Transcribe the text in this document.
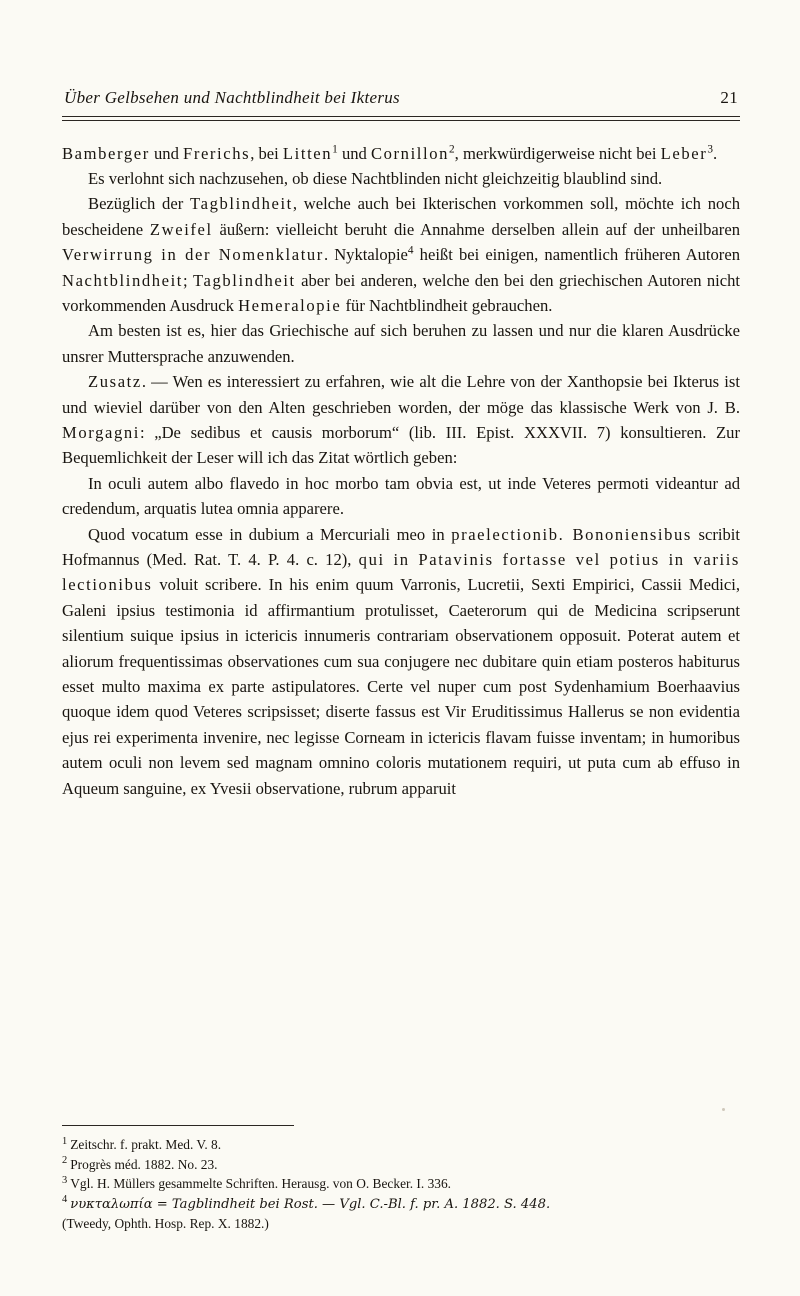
Über Gelbsehen und Nachtblindheit bei Ikterus	21

Bamberger und Frerichs, bei Litten$^1$ und Cornillon$^2$, merkwürdigerweise nicht bei Leber$^3$.

Es verlohnt sich nachzusehen, ob diese Nachtblinden nicht gleichzeitig blaublind sind.

Bezüglich der Tagblindheit, welche auch bei Ikterischen vorkommen soll, möchte ich noch bescheidene Zweifel äußern: vielleicht beruht die Annahme derselben allein auf der unheilbaren Verwirrung in der Nomenklatur. Nyktalopie$^4$ heißt bei einigen, namentlich früheren Autoren Nachtblindheit; Tagblindheit aber bei anderen, welche den bei den griechischen Autoren nicht vorkommenden Ausdruck Hemeralopie für Nachtblindheit gebrauchen.

Am besten ist es, hier das Griechische auf sich beruhen zu lassen und nur die klaren Ausdrücke unsrer Muttersprache anzuwenden.

Zusatz. — Wen es interessiert zu erfahren, wie alt die Lehre von der Xanthopsie bei Ikterus ist und wieviel darüber von den Alten geschrieben worden, der möge das klassische Werk von J. B. Morgagni: „De sedibus et causis morborum“ (lib. III. Epist. XXXVII. 7) konsultieren. Zur Bequemlichkeit der Leser will ich das Zitat wörtlich geben:

In oculi autem albo flavedo in hoc morbo tam obvia est, ut inde Veteres permoti videantur ad credendum, arquatis lutea omnia apparere.

Quod vocatum esse in dubium a Mercuriali meo in praelectionib. Bononiensibus scribit Hofmannus (Med. Rat. T. 4. P. 4. c. 12), qui in Patavinis fortasse vel potius in variis lectionibus voluit scribere. In his enim quum Varronis, Lucretii, Sexti Empirici, Cassii Medici, Galeni ipsius testimonia id affirmantium protulisset, Caeterorum qui de Medicina scripserunt silentium suique ipsius in ictericis innumeris contrariam observationem opposuit. Poterat autem et aliorum frequentissimas observationes cum sua conjugere nec dubitare quin etiam posteros habiturus esset multo maxima ex parte astipulatores. Certe vel nuper cum post Sydenhamium Boerhaavius quoque idem quod Veteres scripsisset; diserte fassus est Vir Eruditissimus Hallerus se non evidentia ejus rei experimenta invenire, nec legisse Corneam in ictericis flavam fuisse inventam; in humoribus autem oculi non levem sed magnam omnino coloris mutationem requiri, ut puta cum ab effuso in Aqueum sanguine, ex Yvesii observatione, rubrum apparuit

$^1$ Zeitschr. f. prakt. Med. V. 8.
$^2$ Progrès méd. 1882. No. 23.
$^3$ Vgl. H. Müllers gesammelte Schriften. Herausg. von O. Becker. I. 336.
$^4$ νυκταλωπία = Tagblindheit bei Rost. — Vgl. C.-Bl. f. pr. A. 1882. S. 448.
(Tweedy, Ophth. Hosp. Rep. X. 1882.)
